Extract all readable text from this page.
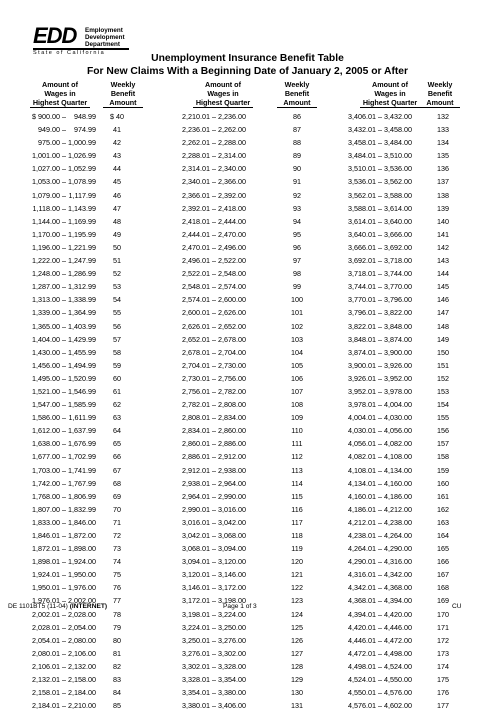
EDD Employment
Development
Department
State of California	Unemployment Insurance Benefit Table
For New Claims With a Beginning Date of January 2, 2005 or After
Amount of
Wages in
Highest Quarter
Weekly
Benefit
Amount
Amount of
Wages in
Highest Quarter
Weekly
Benefit
Amount
Amount of
Wages in
Highest Quarter
Weekly
Benefit
Amount
$ 900.00 –	948.99	$ 40	2,210.01 – 2,236.00	86	3,406.01 – 3,432.00	132
949.00 –	974.99	41	2,236.01 – 2,262.00	87	3,432.01 – 3,458.00	133
975.00 – 1,000.99	42	2,262.01 – 2,288.00	88	3,458.01 – 3,484.00	134
1,001.00 – 1,026.99	43	2,288.01 – 2,314.00	89	3,484.01 – 3,510.00	135
1,027.00 – 1,052.99	44	2,314.01 – 2,340.00	90	3,510.01 – 3,536.00	136
1,053.00 – 1,078.99	45	2,340.01 – 2,366.00	91	3,536.01 – 3,562.00	137
1,079.00 – 1,117.99	46	2,366.01 – 2,392.00	92	3,562.01 – 3,588.00	138
1,118.00 – 1,143.99	47	2,392.01 – 2,418.00	93	3,588.01 – 3,614.00	139
1,144.00 – 1,169.99	48	2,418.01 – 2,444.00	94	3,614.01 – 3,640.00	140
1,170.00 – 1,195.99	49	2,444.01 – 2,470.00	95	3,640.01 – 3,666.00	141
1,196.00 – 1,221.99	50	2,470.01 – 2,496.00	96	3,666.01 – 3,692.00	142
1,222.00 – 1,247.99	51	2,496.01 – 2,522.00	97	3,692.01 – 3,718.00	143
1,248.00 – 1,286.99	52	2,522.01 – 2,548.00	98	3,718.01 – 3,744.00	144
1,287.00 – 1,312.99	53	2,548.01 – 2,574.00	99	3,744.01 – 3,770.00	145
1,313.00 – 1,338.99	54	2,574.01 – 2,600.00	100	3,770.01 – 3,796.00	146
1,339.00 – 1,364.99	55	2,600.01 – 2,626.00	101	3,796.01 – 3,822.00	147
1,365.00 – 1,403.99	56	2,626.01 – 2,652.00	102	3,822.01 – 3,848.00	148
1,404.00 – 1,429.99	57	2,652.01 – 2,678.00	103	3,848.01 – 3,874.00	149
1,430.00 – 1,455.99	58	2,678.01 – 2,704.00	104	3,874.01 – 3,900.00	150
1,456.00 – 1,494.99	59	2,704.01 – 2,730.00	105	3,900.01 – 3,926.00	151
1,495.00 – 1,520.99	60	2,730.01 – 2,756.00	106	3,926.01 – 3,952.00	152
1,521.00 – 1,546.99	61	2,756.01 – 2,782.00	107	3,952.01 – 3,978.00	153
1,547.00 – 1,585.99	62	2,782.01 – 2,808.00	108	3,978.01 – 4,004.00	154
1,586.00 – 1,611.99	63	2,808.01 – 2,834.00	109	4,004.01 – 4,030.00	155
1,612.00 – 1,637.99	64	2,834.01 – 2,860.00	110	4,030.01 – 4,056.00	156
1,638.00 – 1,676.99	65	2,860.01 – 2,886.00	111	4,056.01 – 4,082.00	157
1,677.00 – 1,702.99	66	2,886.01 – 2,912.00	112	4,082.01 – 4,108.00	158
1,703.00 – 1,741.99	67	2,912.01 – 2,938.00	113	4,108.01 – 4,134.00	159
1,742.00 – 1,767.99	68	2,938.01 – 2,964.00	114	4,134.01 – 4,160.00	160
1,768.00 – 1,806.99	69	2,964.01 – 2,990.00	115	4,160.01 – 4,186.00	161
1,807.00 – 1,832.99	70	2,990.01 – 3,016.00	116	4,186.01 – 4,212.00	162
1,833.00 – 1,846.00	71	3,016.01 – 3,042.00	117	4,212.01 – 4,238.00	163
1,846.01 – 1,872.00	72	3,042.01 – 3,068.00	118	4,238.01 – 4,264.00	164
1,872.01 – 1,898.00	73	3,068.01 – 3,094.00	119	4,264.01 – 4,290.00	165
1,898.01 – 1,924.00	74	3,094.01 – 3,120.00	120	4,290.01 – 4,316.00	166
1,924.01 – 1,950.00	75	3,120.01 – 3,146.00	121	4,316.01 – 4,342.00	167
1,950.01 – 1,976.00	76	3,146.01 – 3,172.00	122	4,342.01 – 4,368.00	168
1,976.01 – 2,002.00	77	3,172.01 – 3,198.00	123	4,368.01 – 4,394.00	169
2,002.01 – 2,028.00	78	3,198.01 – 3,224.00	124	4,394.01 – 4,420.00	170
2,028.01 – 2,054.00	79	3,224.01 – 3,250.00	125	4,420.01 – 4,446.00	171
2,054.01 – 2,080.00	80	3,250.01 – 3,276.00	126	4,446.01 – 4,472.00	172
2,080.01 – 2,106.00	81	3,276.01 – 3,302.00	127	4,472.01 – 4,498.00	173
2,106.01 – 2,132.00	82	3,302.01 – 3,328.00	128	4,498.01 – 4,524.00	174
2,132.01 – 2,158.00	83	3,328.01 – 3,354.00	129	4,524.01 – 4,550.00	175
2,158.01 – 2,184.00	84	3,354.01 – 3,380.00	130	4,550.01 – 4,576.00	176
2,184.01 – 2,210.00	85	3,380.01 – 3,406.00	131	4,576.01 – 4,602.00	177
DE 1101BT5 (11-04) (INTERNET)	Page 1 of 3	CU
